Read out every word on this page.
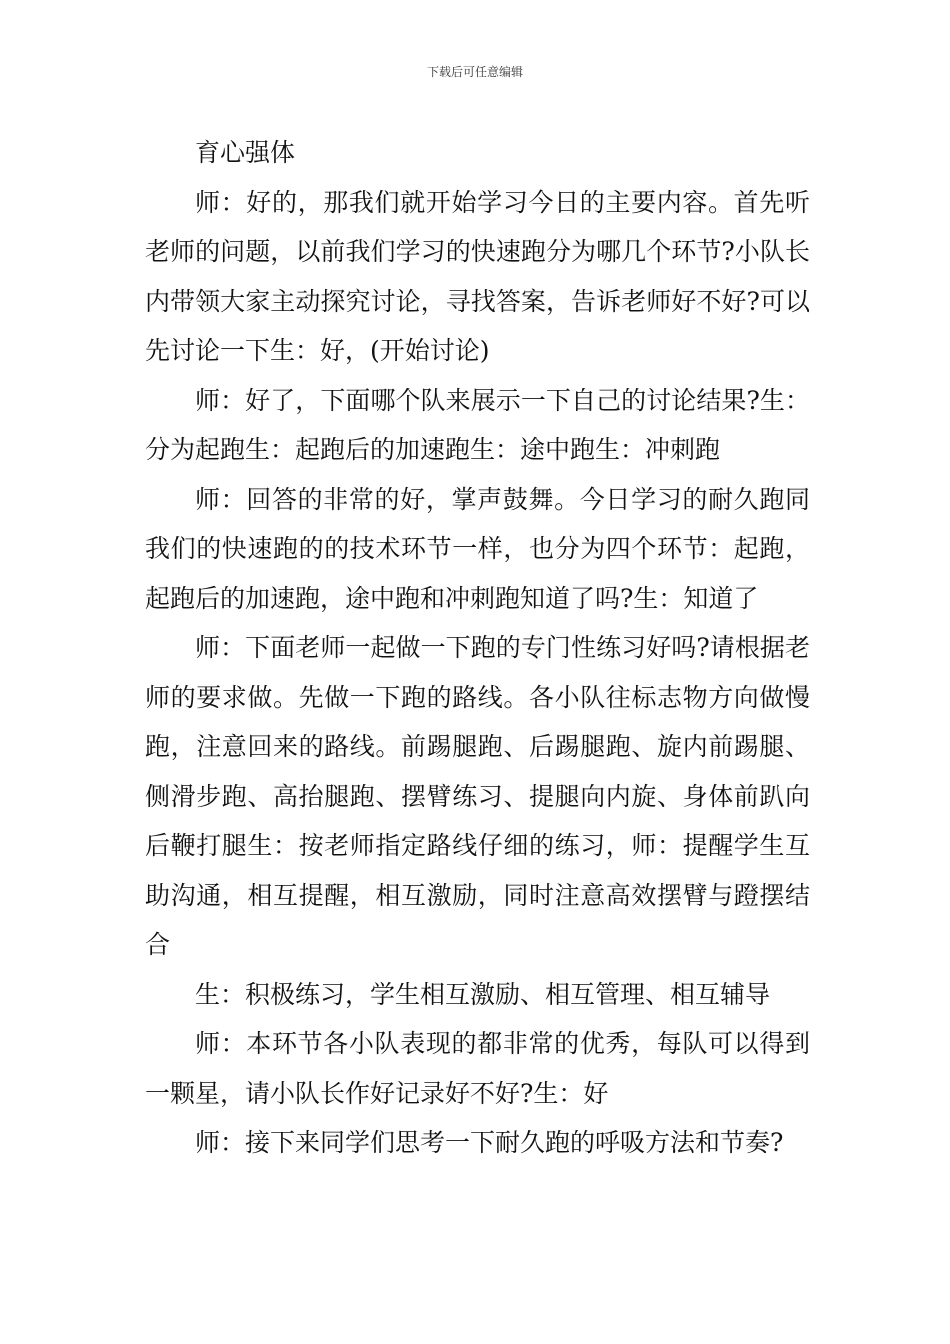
下载后可任意编辑

育心强体

师：好的，那我们就开始学习今日的主要内容。首先听老师的问题，以前我们学习的快速跑分为哪几个环节?小队长内带领大家主动探究讨论，寻找答案，告诉老师好不好?可以先讨论一下生：好，(开始讨论)

师：好了，下面哪个队来展示一下自己的讨论结果?生：分为起跑生：起跑后的加速跑生：途中跑生：冲刺跑

师：回答的非常的好，掌声鼓舞。今日学习的耐久跑同我们的快速跑的的技术环节一样，也分为四个环节：起跑，起跑后的加速跑，途中跑和冲刺跑知道了吗?生：知道了

师：下面老师一起做一下跑的专门性练习好吗?请根据老师的要求做。先做一下跑的路线。各小队往标志物方向做慢跑，注意回来的路线。前踢腿跑、后踢腿跑、旋内前踢腿、侧滑步跑、高抬腿跑、摆臂练习、提腿向内旋、身体前趴向后鞭打腿生：按老师指定路线仔细的练习，师：提醒学生互助沟通，相互提醒，相互激励，同时注意高效摆臂与蹬摆结合

生：积极练习，学生相互激励、相互管理、相互辅导

师：本环节各小队表现的都非常的优秀，每队可以得到一颗星，请小队长作好记录好不好?生：好

师：接下来同学们思考一下耐久跑的呼吸方法和节奏?
